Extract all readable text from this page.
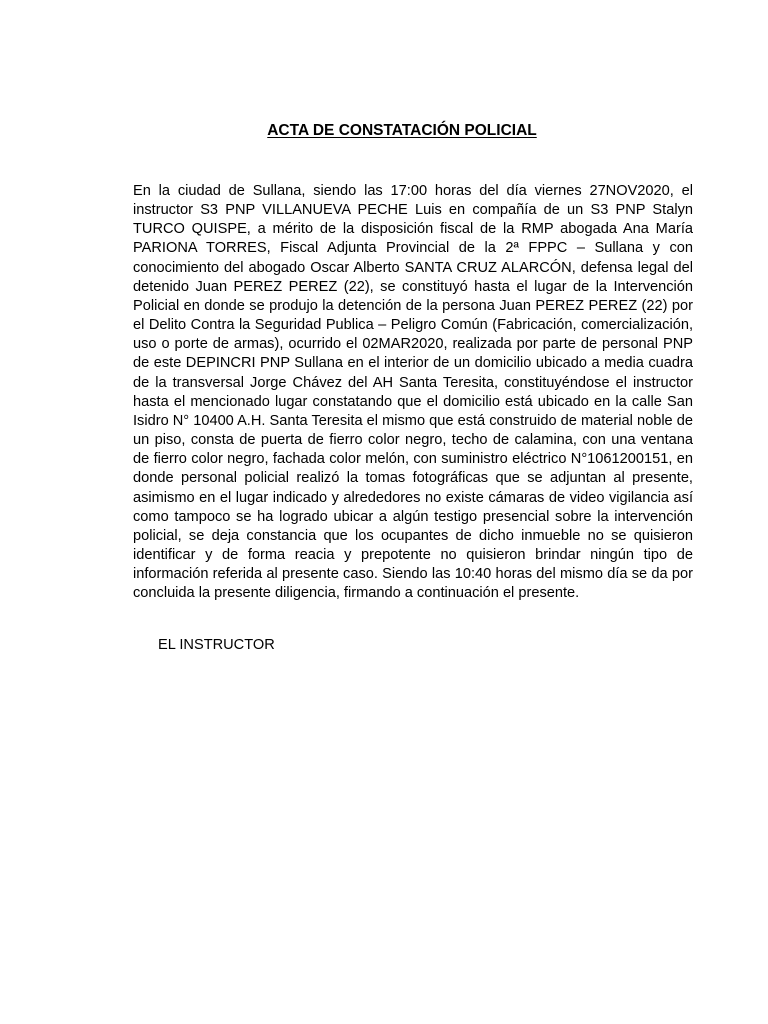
ACTA DE CONSTATACIÓN POLICIAL

En la ciudad de Sullana, siendo las 17:00 horas del día viernes 27NOV2020, el instructor S3 PNP VILLANUEVA PECHE Luis en compañía de un S3 PNP Stalyn TURCO QUISPE, a mérito de la disposición fiscal de la RMP abogada Ana María PARIONA TORRES, Fiscal Adjunta Provincial de la 2ª FPPC – Sullana y con conocimiento del abogado Oscar Alberto SANTA CRUZ ALARCÓN, defensa legal del detenido Juan PEREZ PEREZ (22), se constituyó hasta el lugar de la Intervención Policial en donde se produjo la detención de la persona Juan PEREZ PEREZ (22) por el Delito Contra la Seguridad Publica – Peligro Común (Fabricación, comercialización, uso o porte de armas), ocurrido el 02MAR2020, realizada por parte de personal PNP de este DEPINCRI PNP Sullana en el interior de un domicilio ubicado a media cuadra de la transversal Jorge Chávez del AH Santa Teresita, constituyéndose el instructor hasta el mencionado lugar constatando que el domicilio está ubicado en la calle San Isidro N° 10400 A.H. Santa Teresita el mismo que está construido de material noble de un piso, consta de puerta de fierro color negro, techo de calamina, con una ventana de fierro color negro, fachada color melón, con suministro eléctrico N°1061200151, en donde personal policial realizó la tomas fotográficas que se adjuntan al presente, asimismo en el lugar indicado y alrededores no existe cámaras de video vigilancia así como tampoco se ha logrado ubicar a algún testigo presencial sobre la intervención policial, se deja constancia que los ocupantes de dicho inmueble no se quisieron identificar y de forma reacia y prepotente no quisieron brindar ningún tipo de información referida al presente caso. Siendo las 10:40 horas del mismo día se da por concluida la presente diligencia, firmando a continuación el presente.

EL INSTRUCTOR
